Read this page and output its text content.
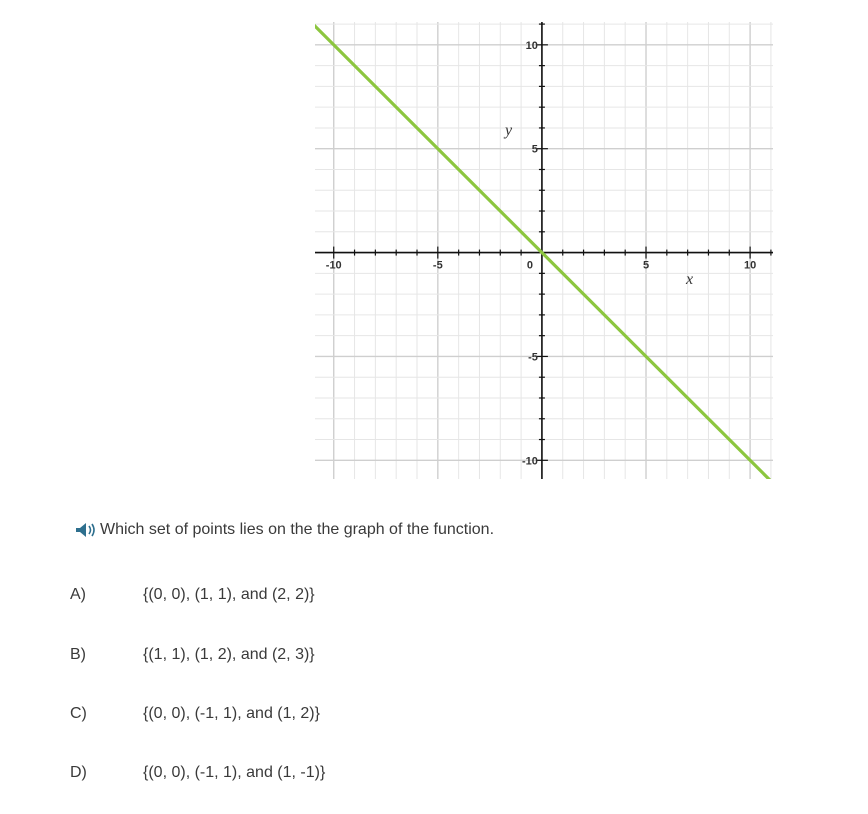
-10	-5	0	5	10
10
5
-5
-10
y
x
Which set of points lies on the the graph of the function.
A)	{(0, 0), (1, 1), and (2, 2)}
B)	{(1, 1), (1, 2), and (2, 3)}
C)	{(0, 0), (-1, 1), and (1, 2)}
D)	{(0, 0), (-1, 1), and (1, -1)}
